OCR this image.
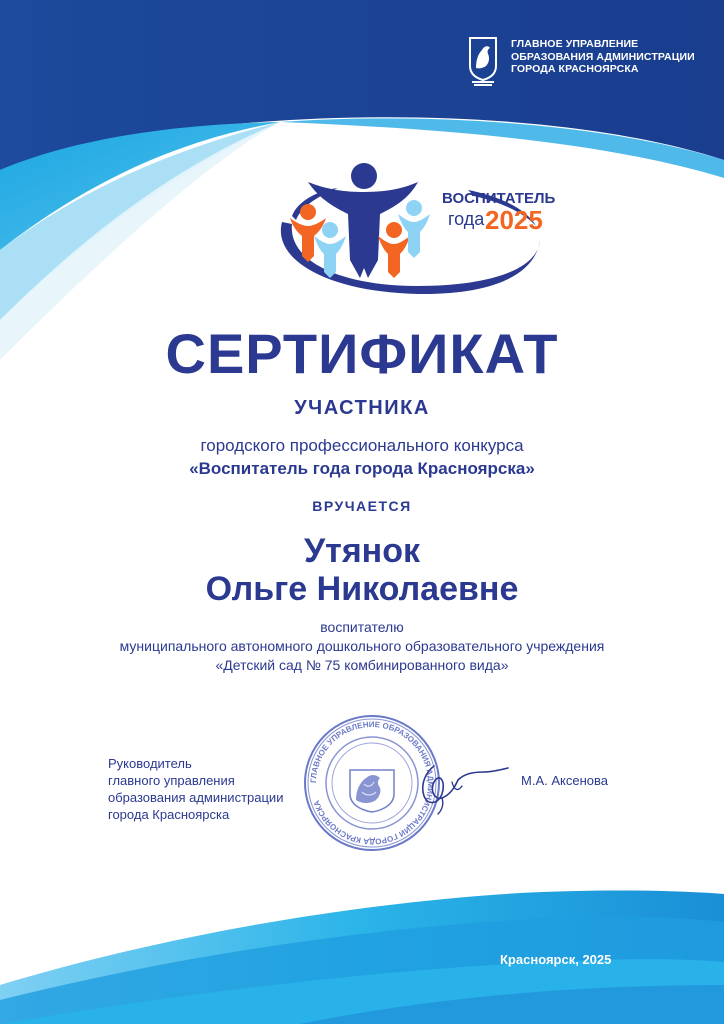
ГЛАВНОЕ УПРАВЛЕНИЕ
ОБРАЗОВАНИЯ АДМИНИСТРАЦИИ
ГОРОДА КРАСНОЯРСКА
ВОСПИТАТЕЛЬ
года 2025
СЕРТИФИКАТ
УЧАСТНИКА
городского профессионального конкурса
«Воспитатель года города Красноярска»
ВРУЧАЕТСЯ
Утянок
Ольге Николаевне
воспитателю
муниципального автономного дошкольного образовательного учреждения
«Детский сад № 75 комбинированного вида»
Руководитель
главного управления
образования администрации
города Красноярска
ГЛАВНОЕ УПРАВЛЕНИЕ ОБРАЗОВАНИЯ АДМИНИСТРАЦИИ ГОРОДА КРАСНОЯРСКА
М.А. Аксенова
Красноярск, 2025
